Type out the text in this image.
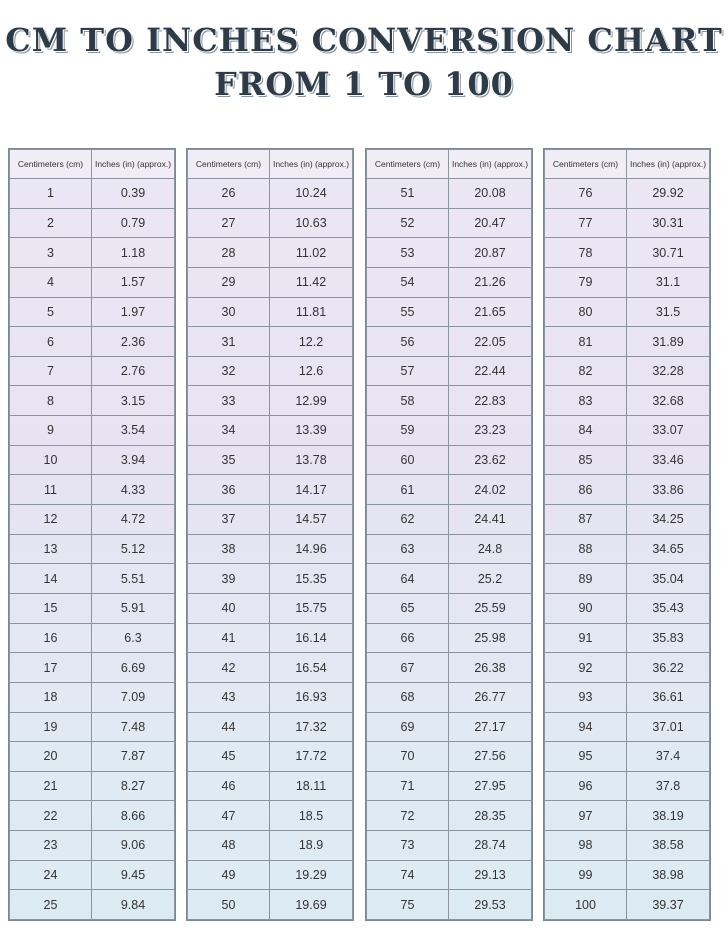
CM TO INCHES CONVERSION CHART
FROM 1 TO 100
Centimeters (cm)	Inches (in) (approx.)
1	0.39
2	0.79
3	1.18
4	1.57
5	1.97
6	2.36
7	2.76
8	3.15
9	3.54
10	3.94
11	4.33
12	4.72
13	5.12
14	5.51
15	5.91
16	6.3
17	6.69
18	7.09
19	7.48
20	7.87
21	8.27
22	8.66
23	9.06
24	9.45
25	9.84
Centimeters (cm)	Inches (in) (approx.)
26	10.24
27	10.63
28	11.02
29	11.42
30	11.81
31	12.2
32	12.6
33	12.99
34	13.39
35	13.78
36	14.17
37	14.57
38	14.96
39	15.35
40	15.75
41	16.14
42	16.54
43	16.93
44	17.32
45	17.72
46	18.11
47	18.5
48	18.9
49	19.29
50	19.69
Centimeters (cm)	Inches (in) (approx.)
51	20.08
52	20.47
53	20.87
54	21.26
55	21.65
56	22.05
57	22.44
58	22.83
59	23.23
60	23.62
61	24.02
62	24.41
63	24.8
64	25.2
65	25.59
66	25.98
67	26.38
68	26.77
69	27.17
70	27.56
71	27.95
72	28.35
73	28.74
74	29.13
75	29.53
Centimeters (cm)	Inches (in) (approx.)
76	29.92
77	30.31
78	30.71
79	31.1
80	31.5
81	31.89
82	32.28
83	32.68
84	33.07
85	33.46
86	33.86
87	34.25
88	34.65
89	35.04
90	35.43
91	35.83
92	36.22
93	36.61
94	37.01
95	37.4
96	37.8
97	38.19
98	38.58
99	38.98
100	39.37
